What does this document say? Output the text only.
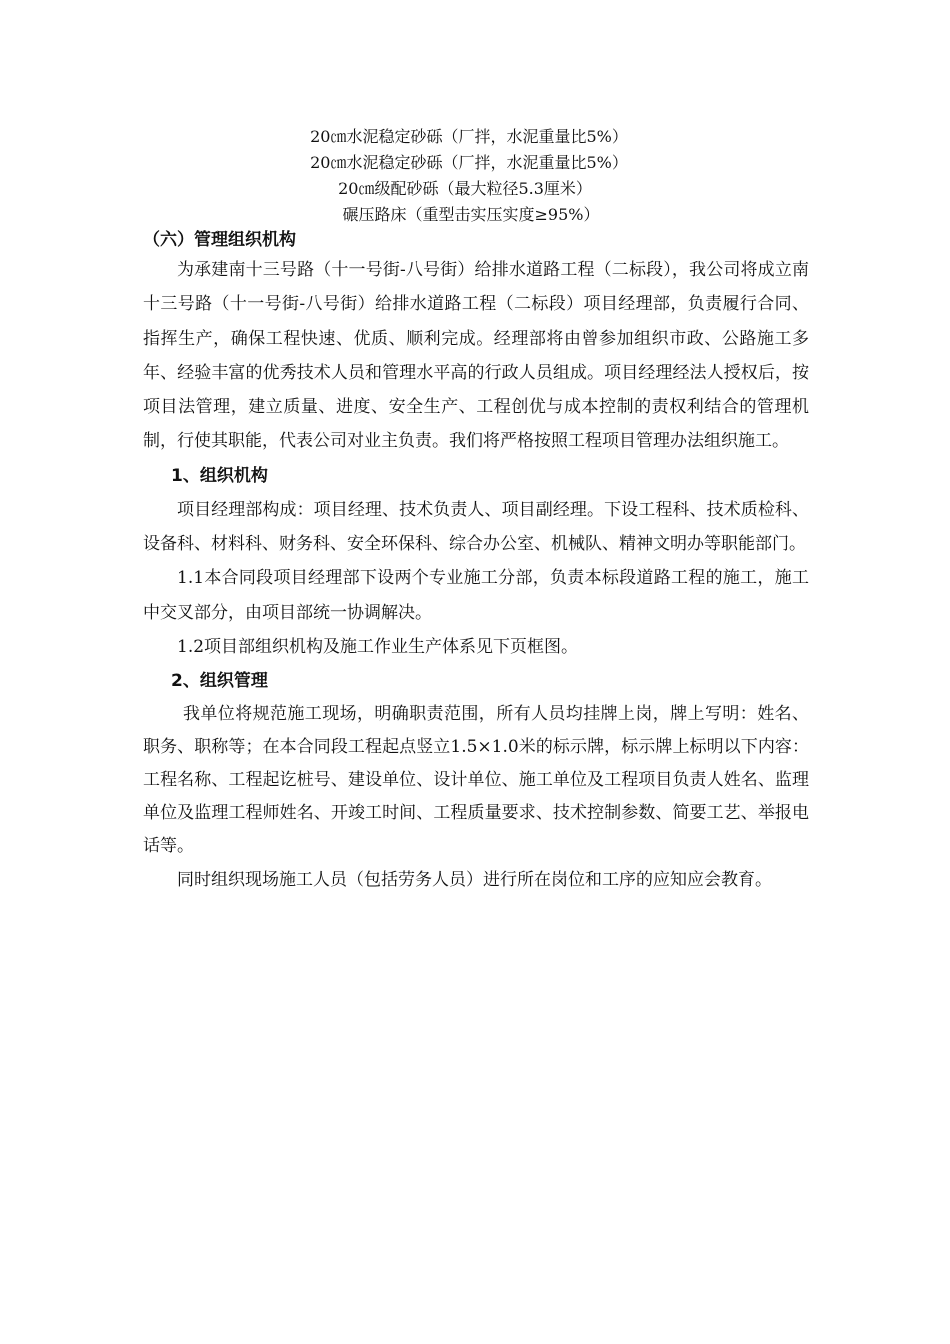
20㎝水泥稳定砂砾（厂拌，水泥重量比5%）
20㎝水泥稳定砂砾（厂拌，水泥重量比5%）
20㎝级配砂砾（最大粒径5.3厘米）
碾压路床（重型击实压实度≥95%）

（六）管理组织机构

为承建南十三号路（十一号街-八号街）给排水道路工程（二标段），我公司将成立南十三号路（十一号街-八号街）给排水道路工程（二标段）项目经理部，负责履行合同、指挥生产，确保工程快速、优质、顺利完成。经理部将由曾参加组织市政、公路施工多年、经验丰富的优秀技术人员和管理水平高的行政人员组成。项目经理经法人授权后，按项目法管理，建立质量、进度、安全生产、工程创优与成本控制的责权利结合的管理机制，行使其职能，代表公司对业主负责。我们将严格按照工程项目管理办法组织施工。

1、组织机构

项目经理部构成：项目经理、技术负责人、项目副经理。下设工程科、技术质检科、设备科、材料科、财务科、安全环保科、综合办公室、机械队、精神文明办等职能部门。

1.1本合同段项目经理部下设两个专业施工分部，负责本标段道路工程的施工，施工中交叉部分，由项目部统一协调解决。

1.2项目部组织机构及施工作业生产体系见下页框图。

2、组织管理

我单位将规范施工现场，明确职责范围，所有人员均挂牌上岗，牌上写明：姓名、职务、职称等；在本合同段工程起点竖立1.5×1.0米的标示牌，标示牌上标明以下内容：工程名称、工程起讫桩号、建设单位、设计单位、施工单位及工程项目负责人姓名、监理单位及监理工程师姓名、开竣工时间、工程质量要求、技术控制参数、简要工艺、举报电话等。

同时组织现场施工人员（包括劳务人员）进行所在岗位和工序的应知应会教育。
